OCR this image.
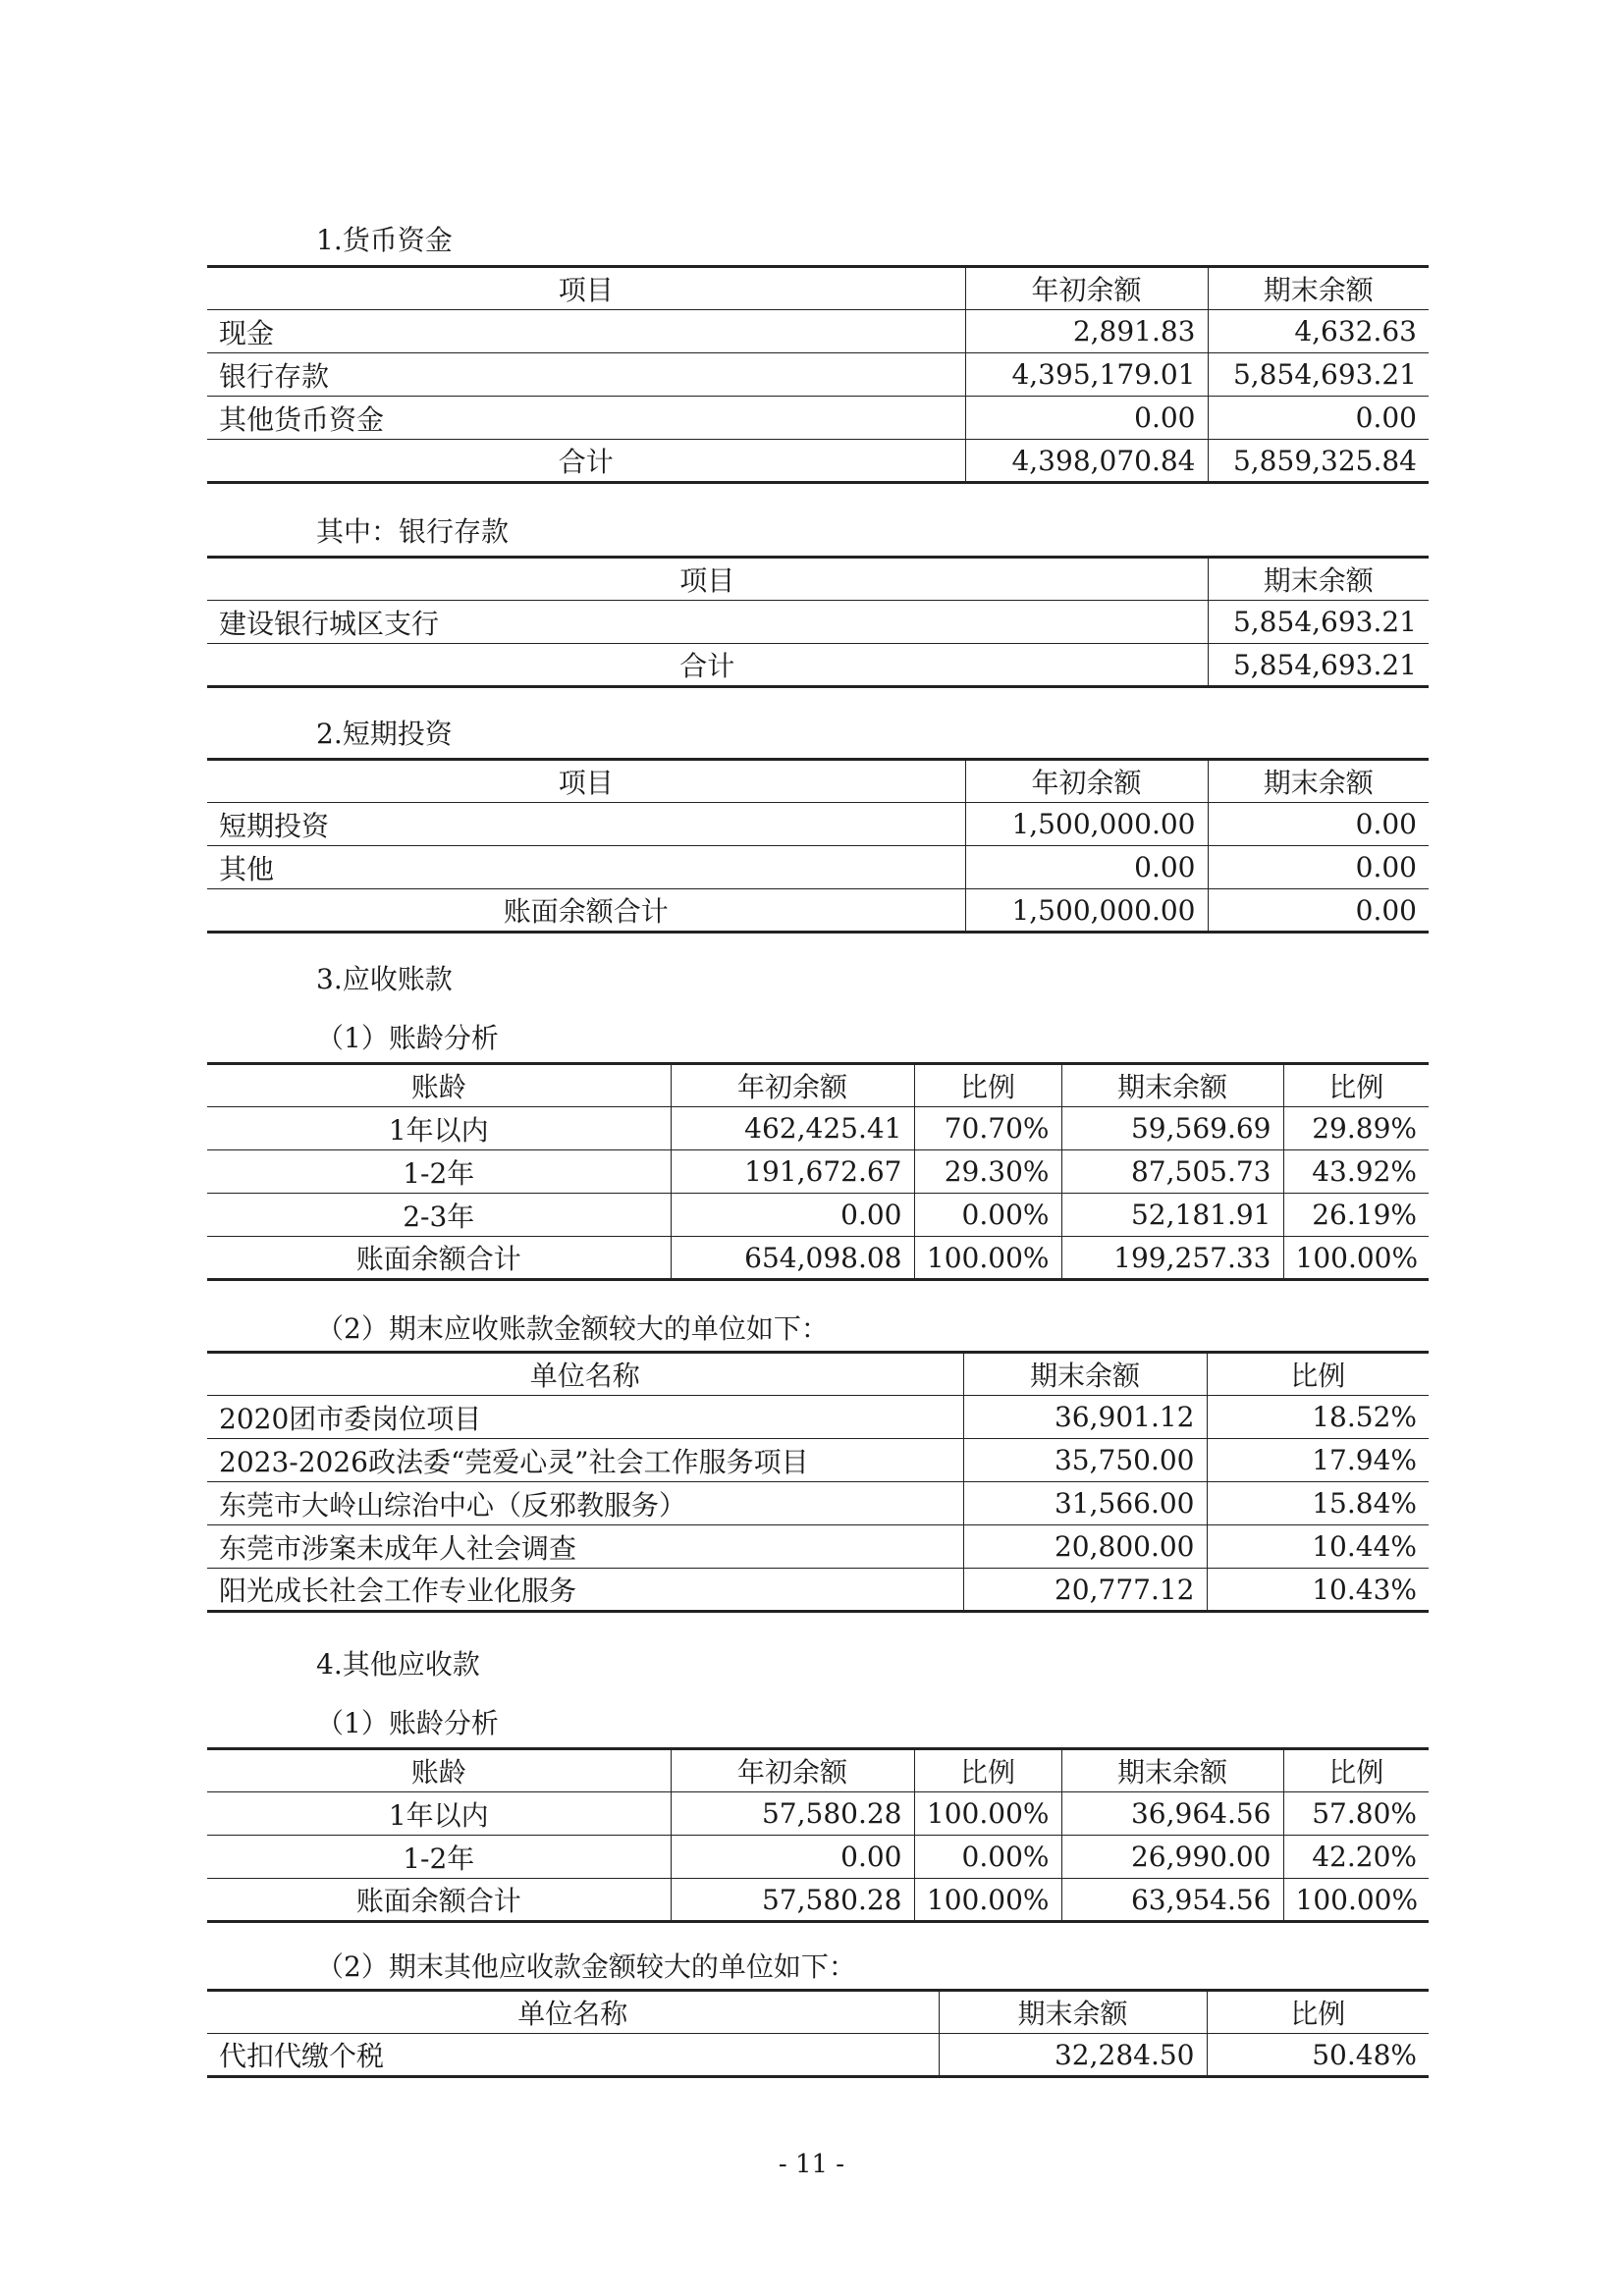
1.货币资金
项目	年初余额	期末余额
现金	2,891.83	4,632.63
银行存款	4,395,179.01	5,854,693.21
其他货币资金	0.00	0.00
合计	4,398,070.84	5,859,325.84
其中：银行存款
项目	期末余额
建设银行城区支行	5,854,693.21
合计	5,854,693.21
2.短期投资
项目	年初余额	期末余额
短期投资	1,500,000.00	0.00
其他	0.00	0.00
账面余额合计	1,500,000.00	0.00
3.应收账款
（1）账龄分析
账龄	年初余额	比例	期末余额	比例
1年以内	462,425.41	70.70%	59,569.69	29.89%
1-2年	191,672.67	29.30%	87,505.73	43.92%
2-3年	0.00	0.00%	52,181.91	26.19%
账面余额合计	654,098.08	100.00%	199,257.33	100.00%
（2）期末应收账款金额较大的单位如下：
单位名称	期末余额	比例
2020团市委岗位项目	36,901.12	18.52%
2023-2026政法委“莞爱心灵”社会工作服务项目	35,750.00	17.94%
东莞市大岭山综治中心（反邪教服务）	31,566.00	15.84%
东莞市涉案未成年人社会调查	20,800.00	10.44%
阳光成长社会工作专业化服务	20,777.12	10.43%
4.其他应收款
（1）账龄分析
账龄	年初余额	比例	期末余额	比例
1年以内	57,580.28	100.00%	36,964.56	57.80%
1-2年	0.00	0.00%	26,990.00	42.20%
账面余额合计	57,580.28	100.00%	63,954.56	100.00%
（2）期末其他应收款金额较大的单位如下：
单位名称	期末余额	比例
代扣代缴个税	32,284.50	50.48%
- 11 -
